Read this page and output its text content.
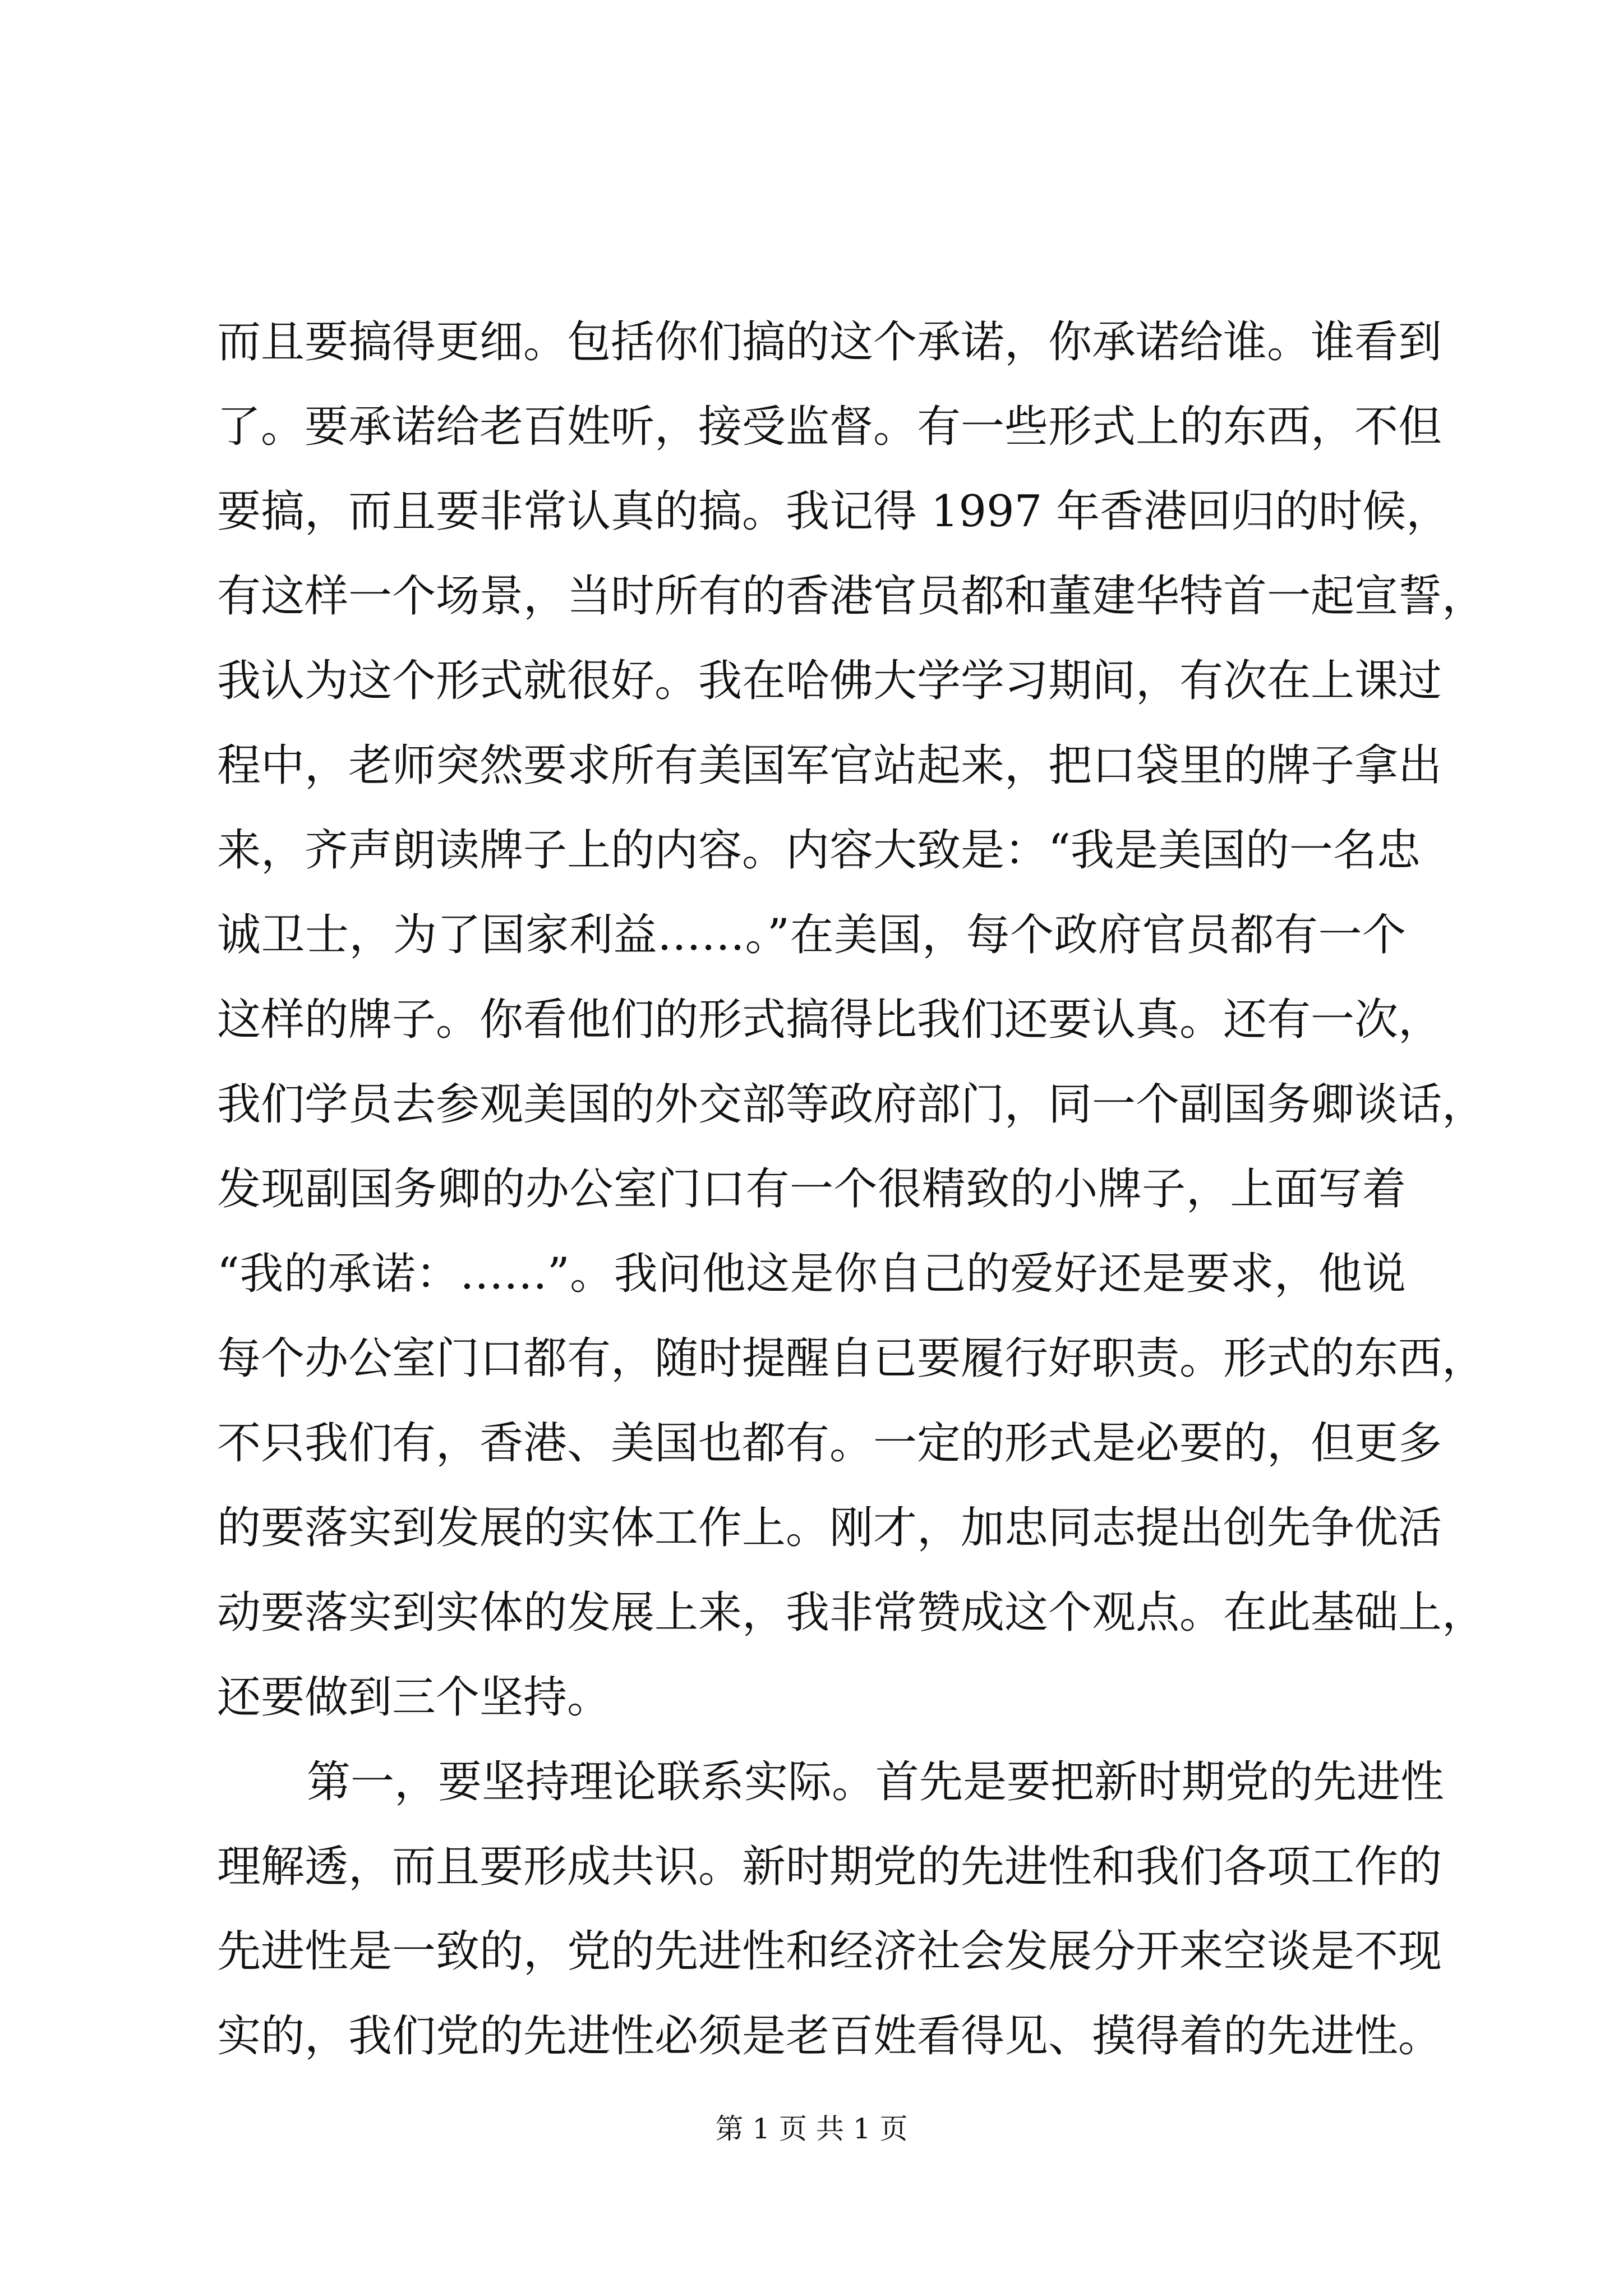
而且要搞得更细。包括你们搞的这个承诺，你承诺给谁。谁看到
了。要承诺给老百姓听，接受监督。有一些形式上的东西，不但
要搞，而且要非常认真的搞。我记得 1997 年香港回归的时候，
有这样一个场景，当时所有的香港官员都和董建华特首一起宣誓，
我认为这个形式就很好。我在哈佛大学学习期间，有次在上课过
程中，老师突然要求所有美国军官站起来，把口袋里的牌子拿出
来，齐声朗读牌子上的内容。内容大致是：“我是美国的一名忠
诚卫士，为了国家利益……。”在美国，每个政府官员都有一个
这样的牌子。你看他们的形式搞得比我们还要认真。还有一次，
我们学员去参观美国的外交部等政府部门，同一个副国务卿谈话，
发现副国务卿的办公室门口有一个很精致的小牌子，上面写着
“我的承诺：……”。我问他这是你自己的爱好还是要求，他说
每个办公室门口都有，随时提醒自已要履行好职责。形式的东西，
不只我们有，香港、美国也都有。一定的形式是必要的，但更多
的要落实到发展的实体工作上。刚才，加忠同志提出创先争优活
动要落实到实体的发展上来，我非常赞成这个观点。在此基础上，
还要做到三个坚持。
第一，要坚持理论联系实际。首先是要把新时期党的先进性
理解透，而且要形成共识。新时期党的先进性和我们各项工作的
先进性是一致的，党的先进性和经济社会发展分开来空谈是不现
实的，我们党的先进性必须是老百姓看得见、摸得着的先进性。
第 1 页 共 1 页
